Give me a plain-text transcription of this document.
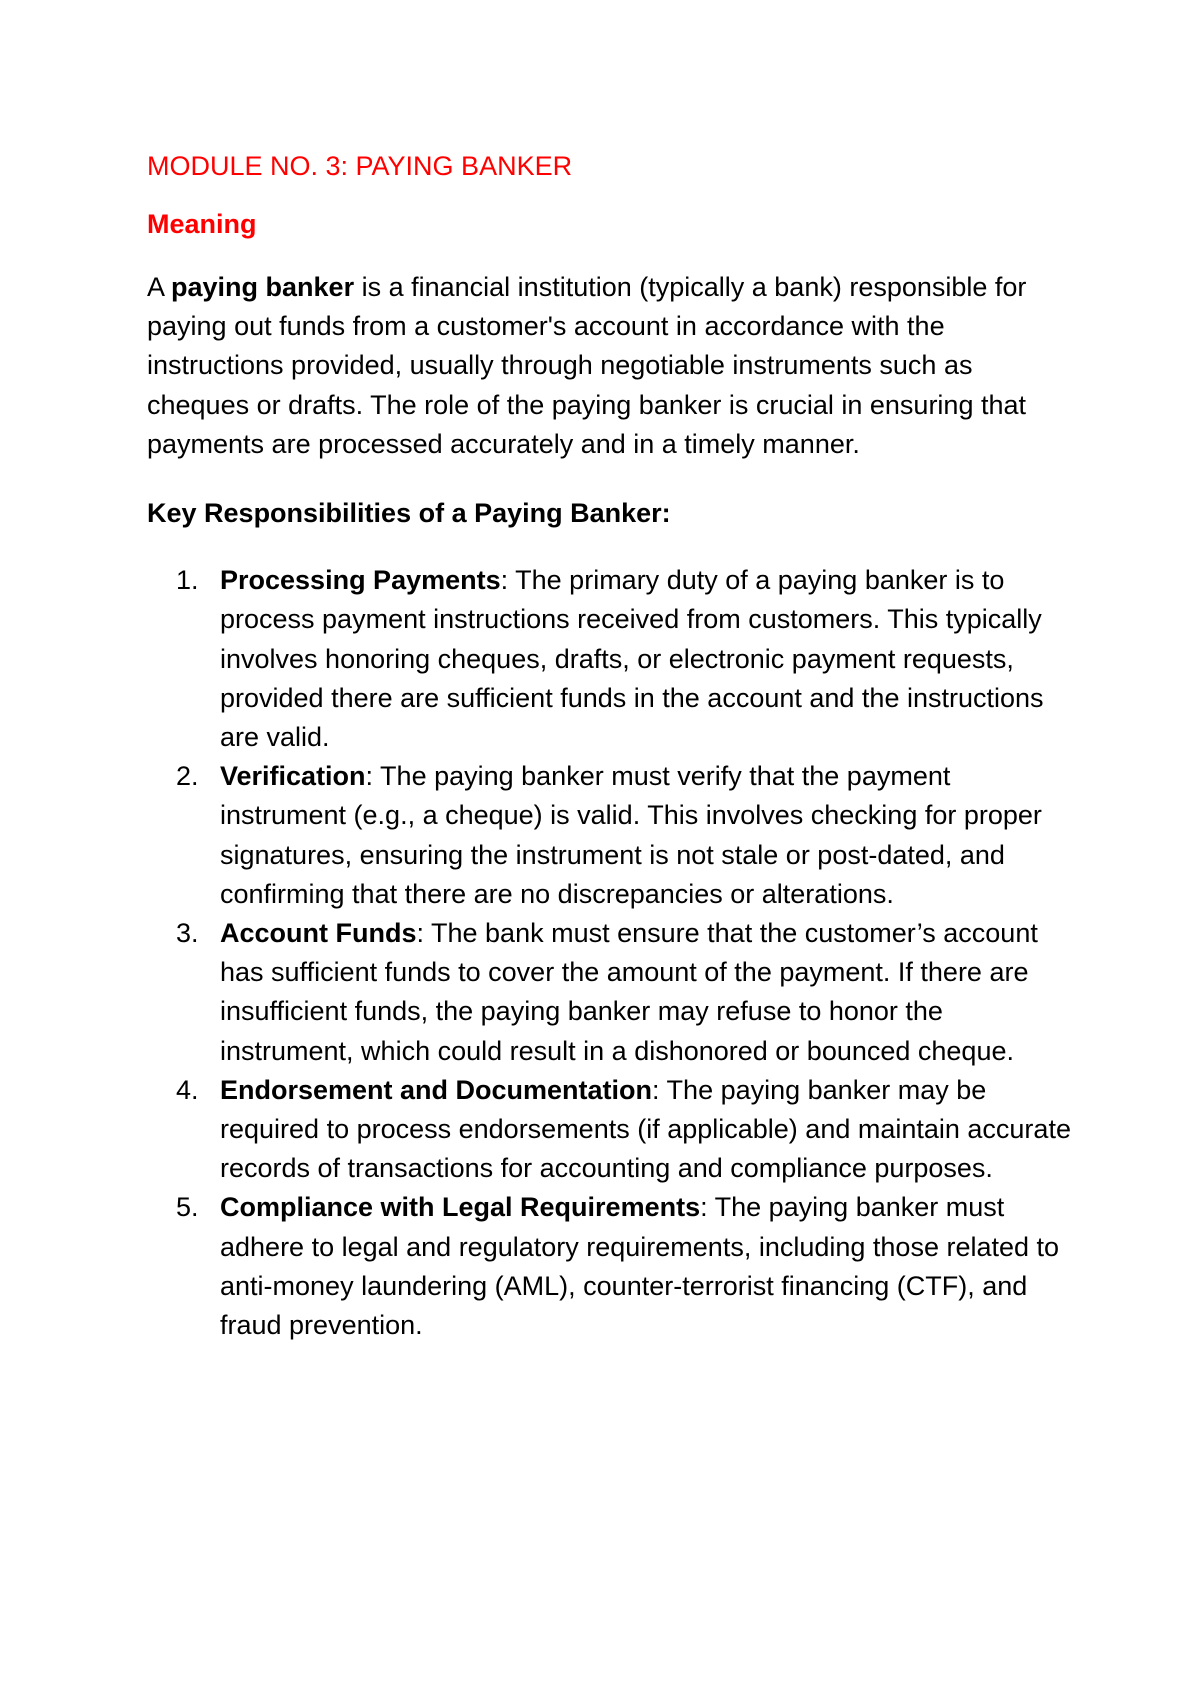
MODULE NO. 3: PAYING BANKER
Meaning

A paying banker is a financial institution (typically a bank) responsible for paying out funds from a customer's account in accordance with the instructions provided, usually through negotiable instruments such as cheques or drafts. The role of the paying banker is crucial in ensuring that payments are processed accurately and in a timely manner.

Key Responsibilities of a Paying Banker:

1. Processing Payments: The primary duty of a paying banker is to process payment instructions received from customers. This typically involves honoring cheques, drafts, or electronic payment requests, provided there are sufficient funds in the account and the instructions are valid.
2. Verification: The paying banker must verify that the payment instrument (e.g., a cheque) is valid. This involves checking for proper signatures, ensuring the instrument is not stale or post-dated, and confirming that there are no discrepancies or alterations.
3. Account Funds: The bank must ensure that the customer’s account has sufficient funds to cover the amount of the payment. If there are insufficient funds, the paying banker may refuse to honor the instrument, which could result in a dishonored or bounced cheque.
4. Endorsement and Documentation: The paying banker may be required to process endorsements (if applicable) and maintain accurate records of transactions for accounting and compliance purposes.
5. Compliance with Legal Requirements: The paying banker must adhere to legal and regulatory requirements, including those related to anti-money laundering (AML), counter-terrorist financing (CTF), and fraud prevention.
